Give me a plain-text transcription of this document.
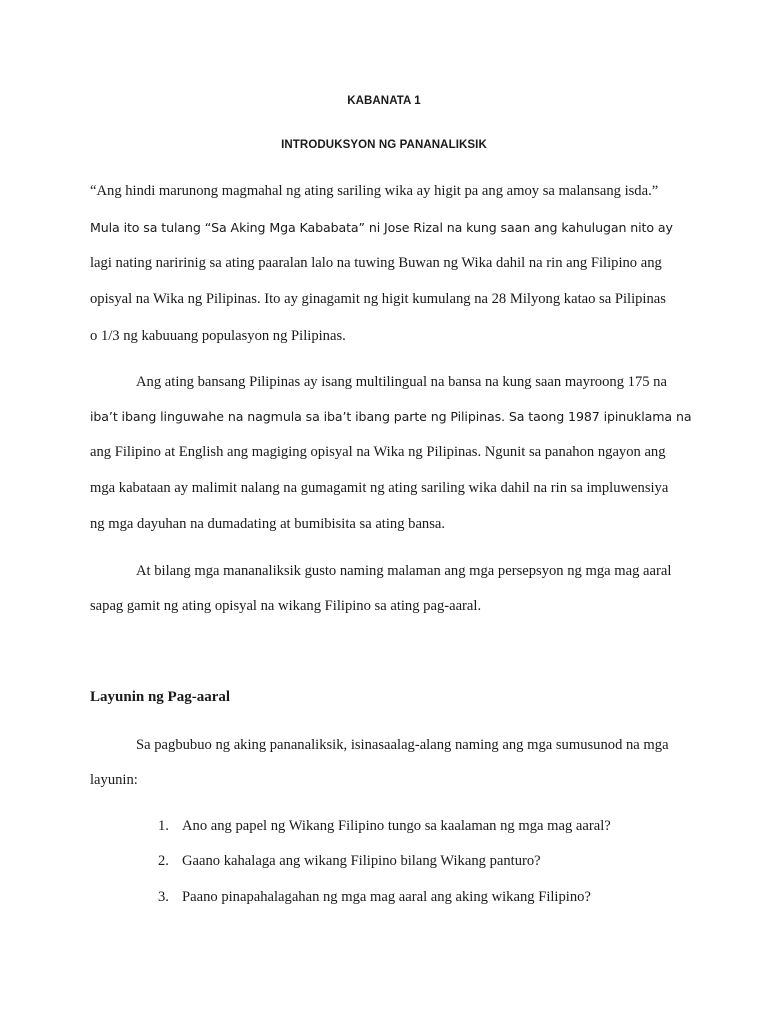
KABANATA 1
INTRODUKSYON NG PANANALIKSIK
“Ang hindi marunong magmahal ng ating sariling wika ay higit pa ang amoy sa malansang isda.”
Mula ito sa tulang “Sa Aking Mga Kababata” ni Jose Rizal na kung saan ang kahulugan nito ay
lagi nating naririnig sa ating paaralan lalo na tuwing Buwan ng Wika dahil na rin ang Filipino ang
opisyal na Wika ng Pilipinas. Ito ay ginagamit ng higit kumulang na 28 Milyong katao sa Pilipinas
o 1/3 ng kabuuang populasyon ng Pilipinas.
Ang ating bansang Pilipinas ay isang multilingual na bansa na kung saan mayroong 175 na
iba’t ibang linguwahe na nagmula sa iba’t ibang parte ng Pilipinas. Sa taong 1987 ipinuklama na
ang Filipino at English ang magiging opisyal na Wika ng Pilipinas. Ngunit sa panahon ngayon ang
mga kabataan ay malimit nalang na gumagamit ng ating sariling wika dahil na rin sa impluwensiya
ng mga dayuhan na dumadating at bumibisita sa ating bansa.
At bilang mga mananaliksik gusto naming malaman ang mga persepsyon ng mga mag aaral
sapag gamit ng ating opisyal na wikang Filipino sa ating pag-aaral.
Layunin ng Pag-aaral
Sa pagbubuo ng aking pananaliksik, isinasaalag-alang naming ang mga sumusunod na mga
layunin:
1. Ano ang papel ng Wikang Filipino tungo sa kaalaman ng mga mag aaral?
2. Gaano kahalaga ang wikang Filipino bilang Wikang panturo?
3. Paano pinapahalagahan ng mga mag aaral ang aking wikang Filipino?
